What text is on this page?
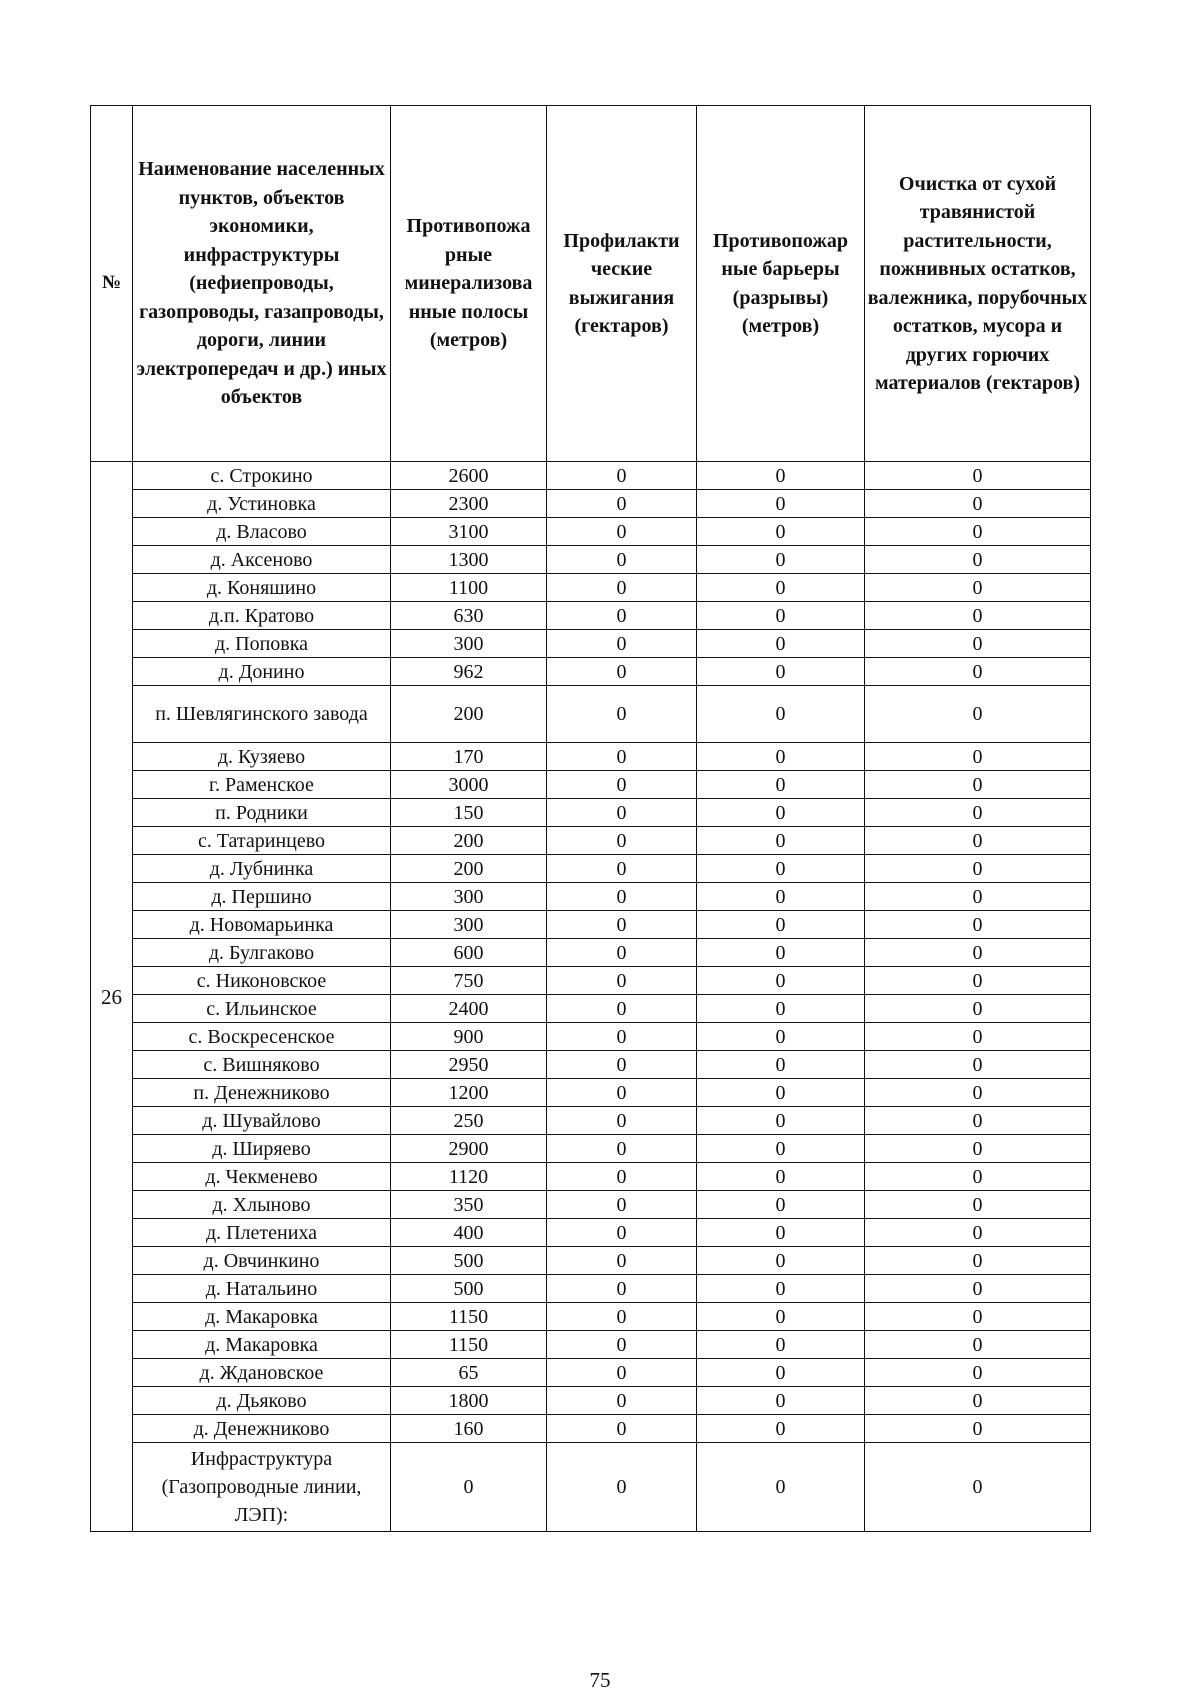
№	Наименование населенных пунктов, объектов экономики, инфраструктуры (нефиепроводы, газопроводы, газапроводы, дороги, линии электропередач и др.) иных объектов	Противопожа рные минерализова нные полосы (метров)	Профилакти ческие выжигания (гектаров)	Противопожар ные барьеры (разрывы) (метров)	Очистка от сухой травянистой растительности, пожнивных остатков, валежника, порубочных остатков, мусора и других горючих материалов (гектаров)
26	с. Строкино	2600	0	0	0
	д. Устиновка	2300	0	0	0
	д. Власово	3100	0	0	0
	д. Аксеново	1300	0	0	0
	д. Коняшино	1100	0	0	0
	д.п. Кратово	630	0	0	0
	д. Поповка	300	0	0	0
	д. Донино	962	0	0	0
	п. Шевлягинского завода	200	0	0	0
	д. Кузяево	170	0	0	0
	г. Раменское	3000	0	0	0
	п. Родники	150	0	0	0
	с. Татаринцево	200	0	0	0
	д. Лубнинка	200	0	0	0
	д. Першино	300	0	0	0
	д. Новомарьинка	300	0	0	0
	д. Булгаково	600	0	0	0
	с. Никоновское	750	0	0	0
	с. Ильинское	2400	0	0	0
	с. Воскресенское	900	0	0	0
	с. Вишняково	2950	0	0	0
	п. Денежниково	1200	0	0	0
	д. Шувайлово	250	0	0	0
	д. Ширяево	2900	0	0	0
	д. Чекменево	1120	0	0	0
	д. Хлыново	350	0	0	0
	д. Плетениха	400	0	0	0
	д. Овчинкино	500	0	0	0
	д. Натальино	500	0	0	0
	д. Макаровка	1150	0	0	0
	д. Макаровка	1150	0	0	0
	д. Ждановское	65	0	0	0
	д. Дьяково	1800	0	0	0
	д. Денежниково	160	0	0	0
	Инфраструктура (Газопроводные линии, ЛЭП):	0	0	0	0
75
